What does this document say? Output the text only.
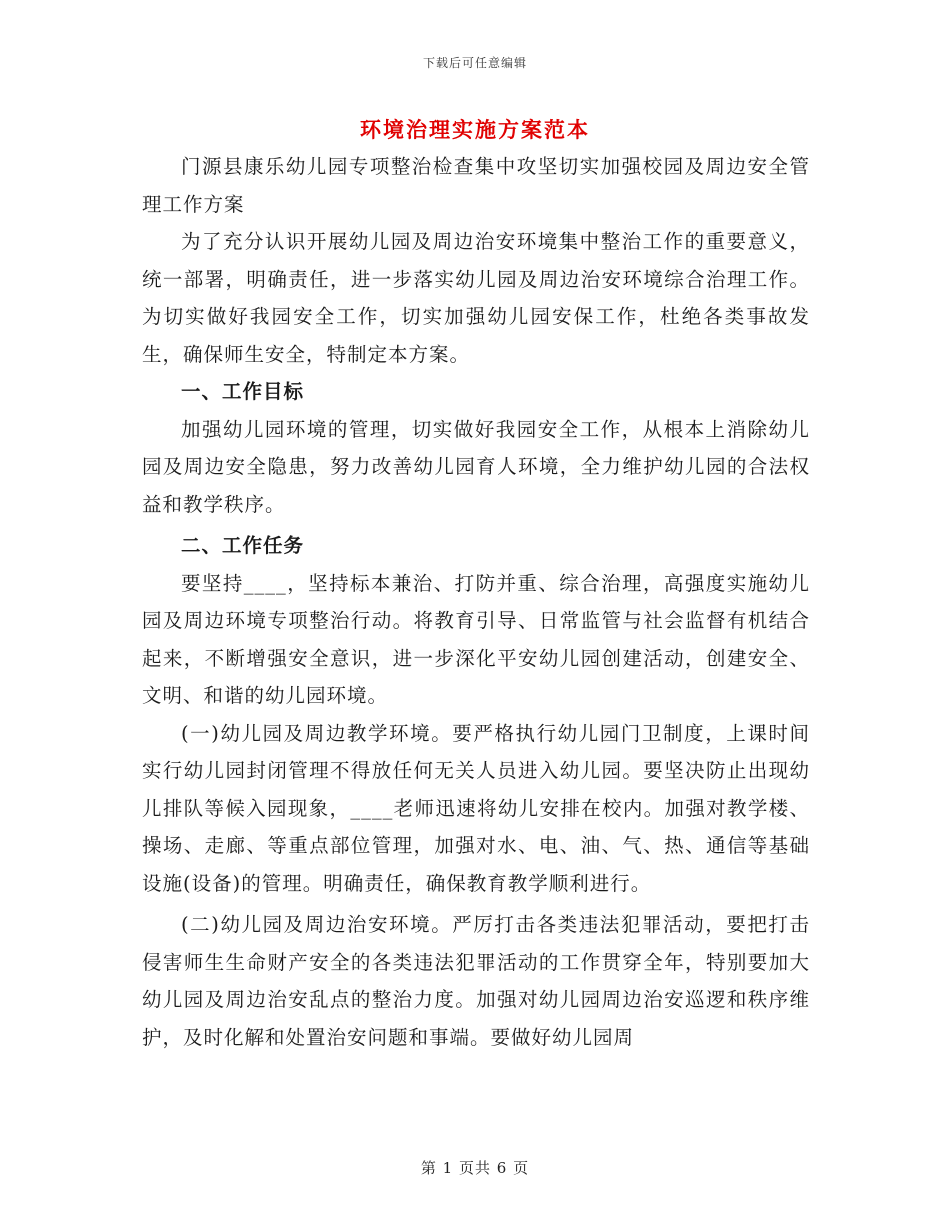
下载后可任意编辑
环境治理实施方案范本

门源县康乐幼儿园专项整治检查集中攻坚切实加强校园及周边安全管理工作方案

为了充分认识开展幼儿园及周边治安环境集中整治工作的重要意义，统一部署，明确责任，进一步落实幼儿园及周边治安环境综合治理工作。为切实做好我园安全工作，切实加强幼儿园安保工作，杜绝各类事故发生，确保师生安全，特制定本方案。

一、工作目标

加强幼儿园环境的管理，切实做好我园安全工作，从根本上消除幼儿园及周边安全隐患，努力改善幼儿园育人环境，全力维护幼儿园的合法权益和教学秩序。

二、工作任务

要坚持____，坚持标本兼治、打防并重、综合治理，高强度实施幼儿园及周边环境专项整治行动。将教育引导、日常监管与社会监督有机结合起来，不断增强安全意识，进一步深化平安幼儿园创建活动，创建安全、文明、和谐的幼儿园环境。

(一)幼儿园及周边教学环境。要严格执行幼儿园门卫制度，上课时间实行幼儿园封闭管理不得放任何无关人员进入幼儿园。要坚决防止出现幼儿排队等候入园现象，____老师迅速将幼儿安排在校内。加强对教学楼、操场、走廊、等重点部位管理，加强对水、电、油、气、热、通信等基础设施(设备)的管理。明确责任，确保教育教学顺利进行。

(二)幼儿园及周边治安环境。严厉打击各类违法犯罪活动，要把打击侵害师生生命财产安全的各类违法犯罪活动的工作贯穿全年，特别要加大幼儿园及周边治安乱点的整治力度。加强对幼儿园周边治安巡逻和秩序维护，及时化解和处置治安问题和事端。要做好幼儿园周

第 1 页共 6 页
